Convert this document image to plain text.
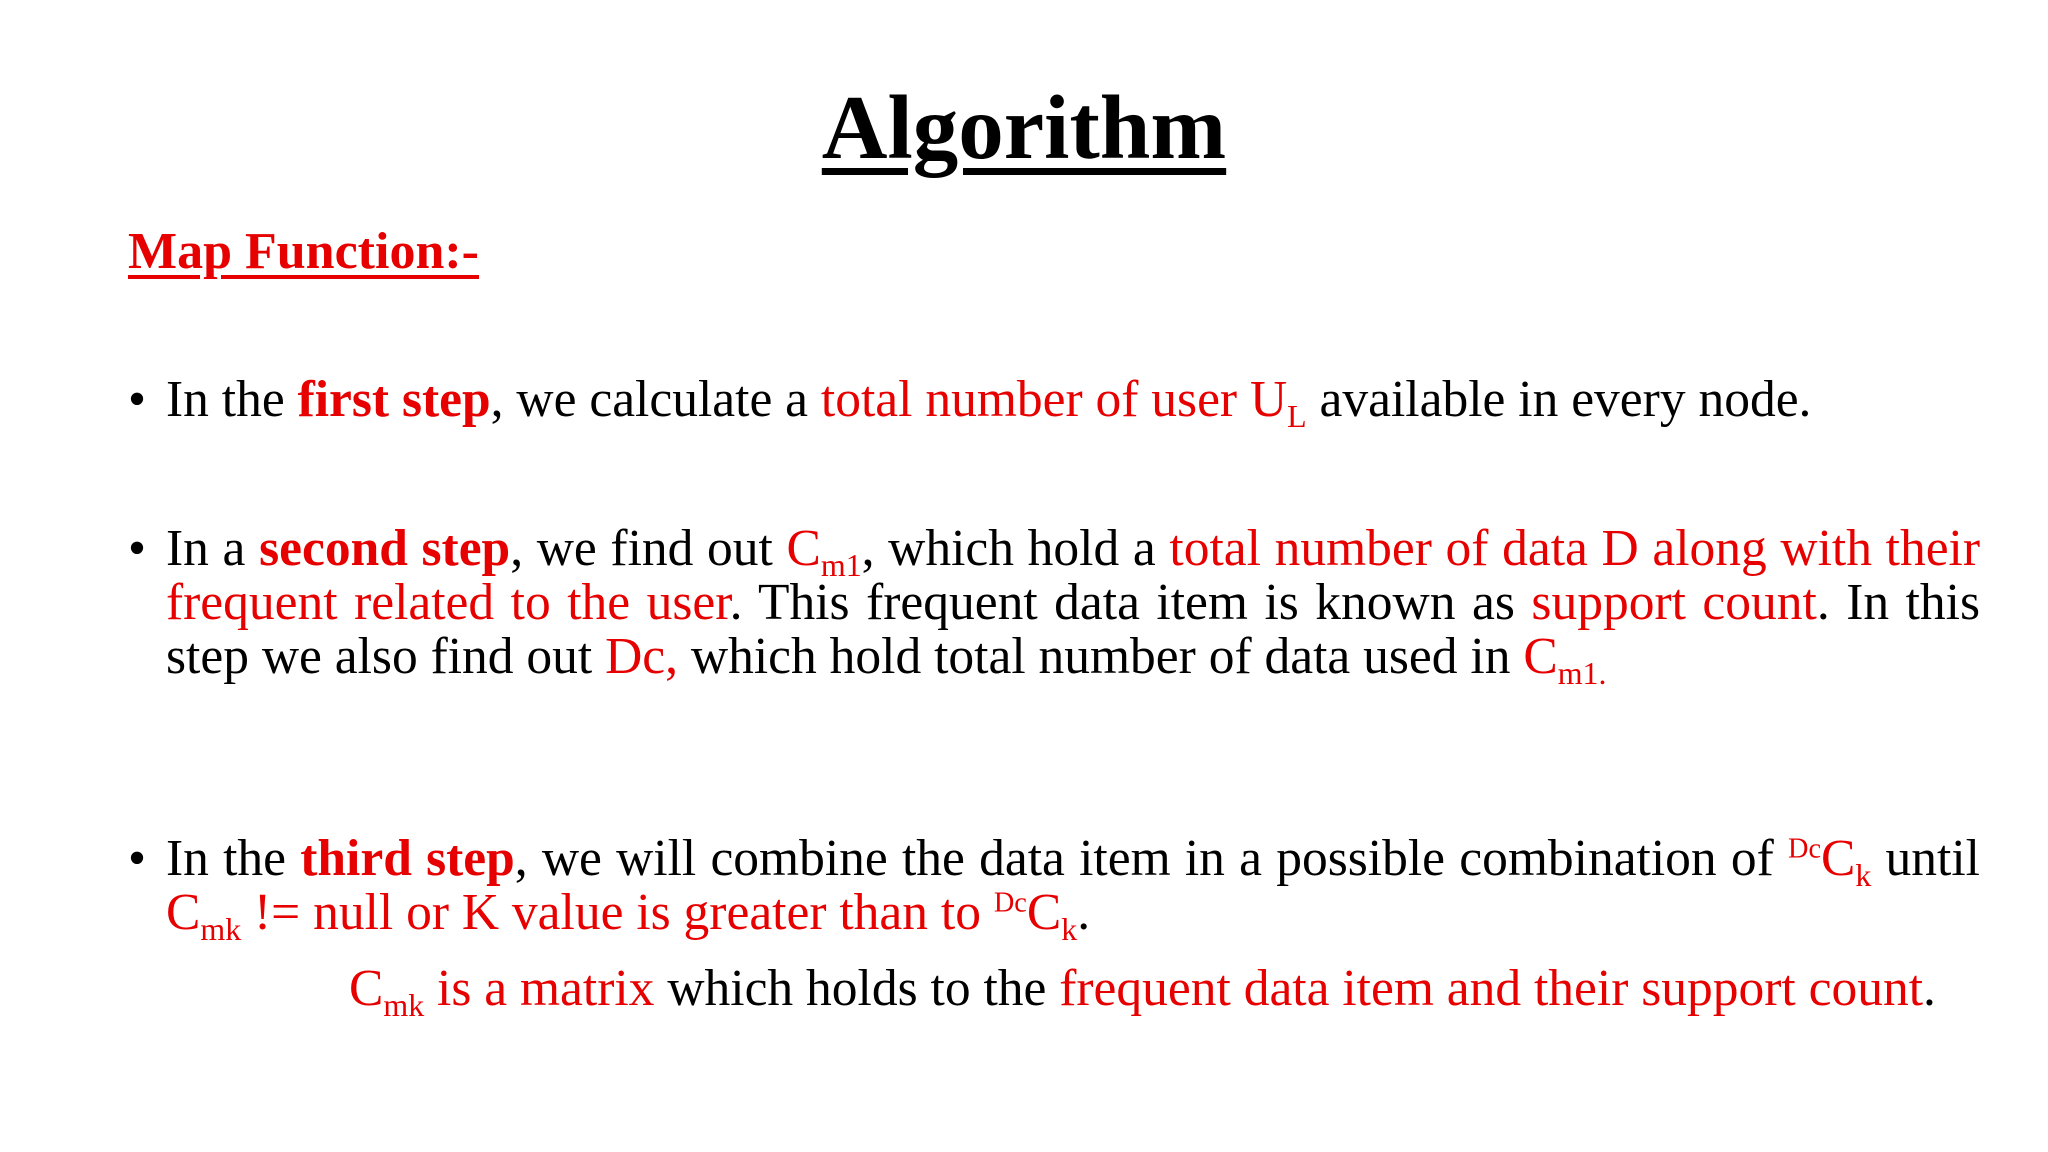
Algorithm
Map Function:-
• In the first step, we calculate a total number of user $U_L$ available in every node.
• In a second step, we find out $C_{m1}$, which hold a total number of data D along with their frequent related to the user. This frequent data item is known as support count. In this step we also find out Dc, which hold total number of data used in $C_{m1.}$
• In the third step, we will combine the data item in a possible combination of $^{Dc}C_k$ until $C_{mk}$ != null or K value is greater than to $^{Dc}C_k$.
$C_{mk}$ is a matrix which holds to the frequent data item and their support count.
